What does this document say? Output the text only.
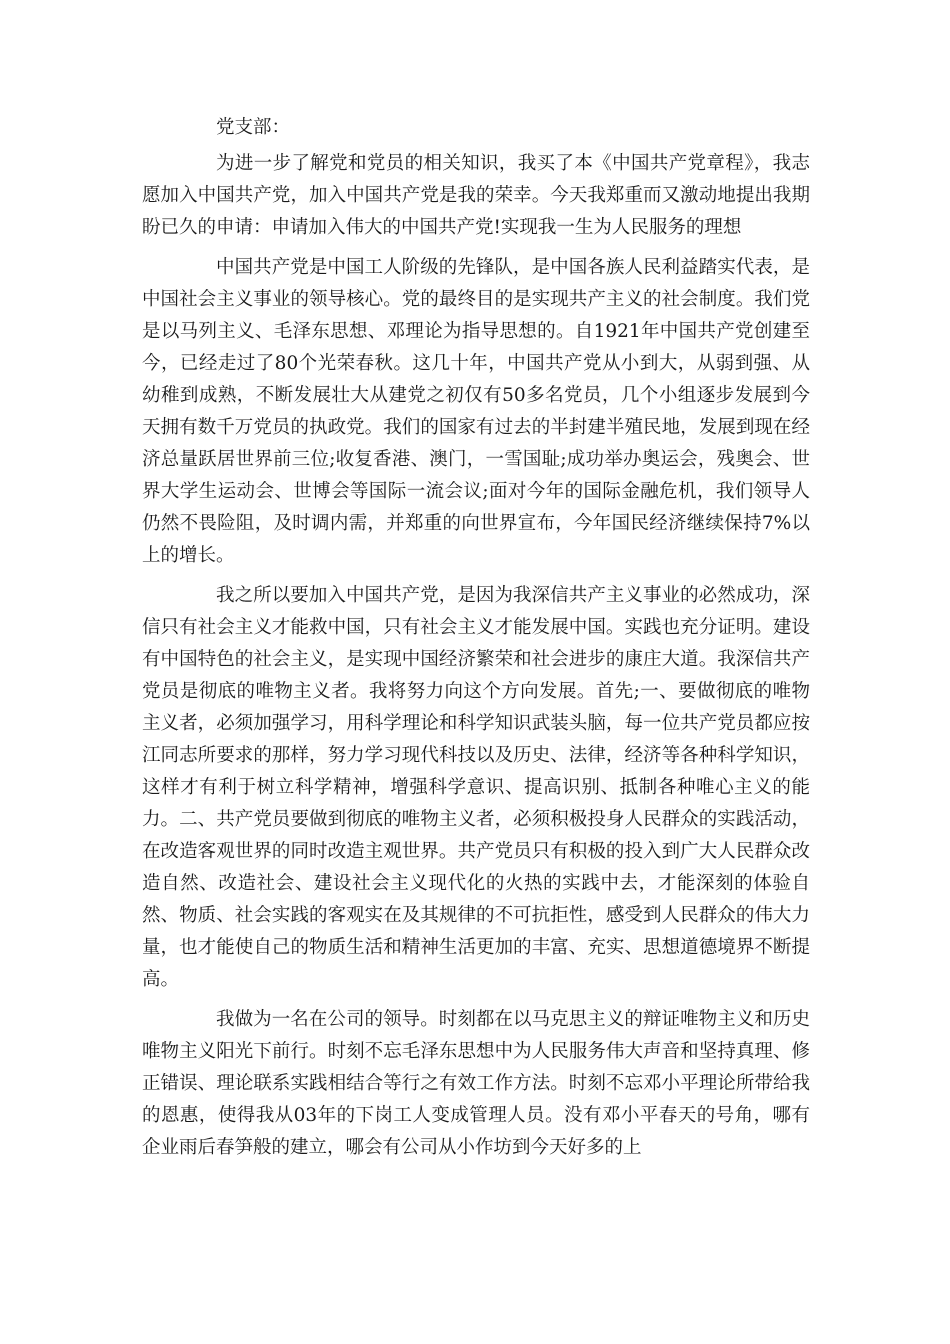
党支部：

为进一步了解党和党员的相关知识，我买了本《中国共产党章程》，我志愿加入中国共产党，加入中国共产党是我的荣幸。今天我郑重而又激动地提出我期盼已久的申请：申请加入伟大的中国共产党!实现我一生为人民服务的理想

中国共产党是中国工人阶级的先锋队，是中国各族人民利益踏实代表，是中国社会主义事业的领导核心。党的最终目的是实现共产主义的社会制度。我们党是以马列主义、毛泽东思想、邓理论为指导思想的。自1921年中国共产党创建至今，已经走过了80个光荣春秋。这几十年，中国共产党从小到大，从弱到强、从幼稚到成熟，不断发展壮大从建党之初仅有50多名党员，几个小组逐步发展到今天拥有数千万党员的执政党。我们的国家有过去的半封建半殖民地，发展到现在经济总量跃居世界前三位;收复香港、澳门，一雪国耻;成功举办奥运会，残奥会、世界大学生运动会、世博会等国际一流会议;面对今年的国际金融危机，我们领导人仍然不畏险阻，及时调内需，并郑重的向世界宣布，今年国民经济继续保持7%以上的增长。

我之所以要加入中国共产党，是因为我深信共产主义事业的必然成功，深信只有社会主义才能救中国，只有社会主义才能发展中国。实践也充分证明。建设有中国特色的社会主义，是实现中国经济繁荣和社会进步的康庄大道。我深信共产党员是彻底的唯物主义者。我将努力向这个方向发展。首先;一、要做彻底的唯物主义者，必须加强学习，用科学理论和科学知识武装头脑，每一位共产党员都应按江同志所要求的那样，努力学习现代科技以及历史、法律，经济等各种科学知识，这样才有利于树立科学精神，增强科学意识、提高识别、抵制各种唯心主义的能力。二、共产党员要做到彻底的唯物主义者，必须积极投身人民群众的实践活动，在改造客观世界的同时改造主观世界。共产党员只有积极的投入到广大人民群众改造自然、改造社会、建设社会主义现代化的火热的实践中去，才能深刻的体验自然、物质、社会实践的客观实在及其规律的不可抗拒性，感受到人民群众的伟大力量，也才能使自己的物质生活和精神生活更加的丰富、充实、思想道德境界不断提高。

我做为一名在公司的领导。时刻都在以马克思主义的辩证唯物主义和历史唯物主义阳光下前行。时刻不忘毛泽东思想中为人民服务伟大声音和坚持真理、修正错误、理论联系实践相结合等行之有效工作方法。时刻不忘邓小平理论所带给我的恩惠，使得我从03年的下岗工人变成管理人员。没有邓小平春天的号角，哪有企业雨后春笋般的建立，哪会有公司从小作坊到今天好多的上
